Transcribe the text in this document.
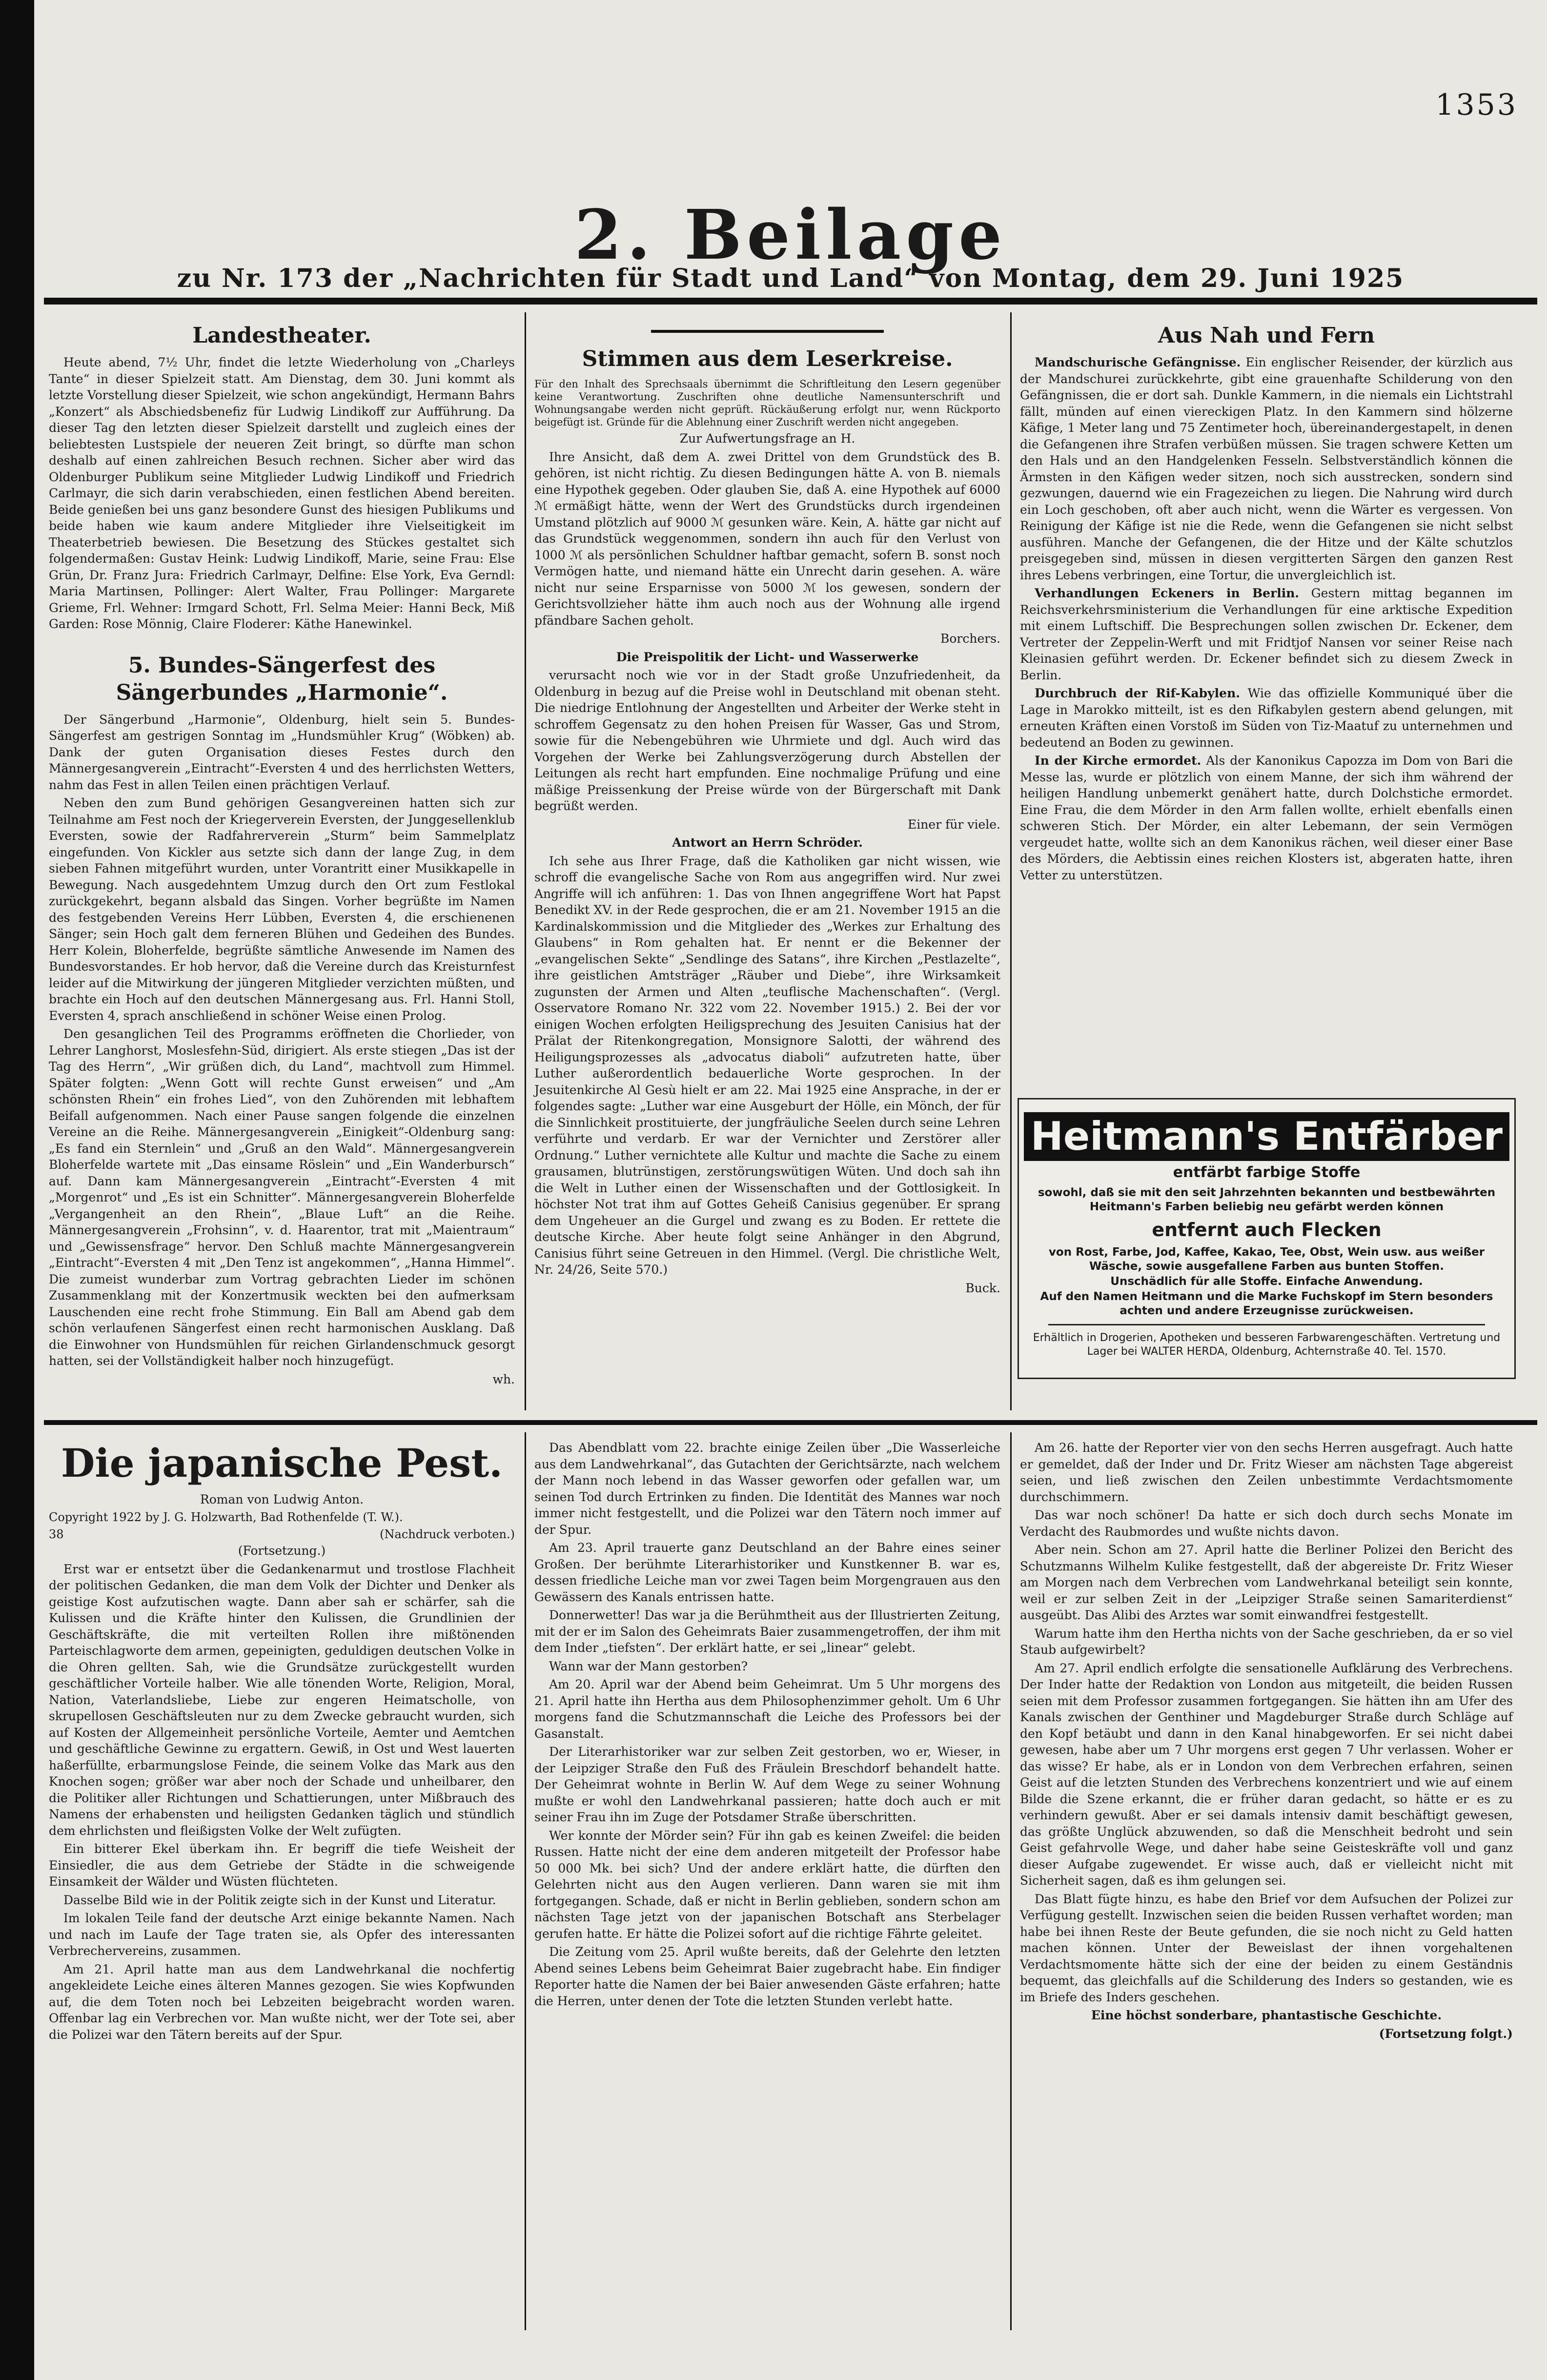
1353
2. Beilage
zu Nr. 173 der „Nachrichten für Stadt und Land“ von Montag, dem 29. Juni 1925
Landestheater.

Heute abend, 7½ Uhr, findet die letzte Wiederholung von „Charleys Tante“ in dieser Spielzeit statt. Am Dienstag, dem 30. Juni kommt als letzte Vorstellung dieser Spielzeit, wie schon angekündigt, Hermann Bahrs „Konzert“ als Abschiedsbenefiz für Ludwig Lindikoff zur Aufführung. Da dieser Tag den letzten dieser Spielzeit darstellt und zugleich eines der beliebtesten Lustspiele der neueren Zeit bringt, so dürfte man schon deshalb auf einen zahlreichen Besuch rechnen. Sicher aber wird das Oldenburger Publikum seine Mitglieder Ludwig Lindikoff und Friedrich Carlmayr, die sich darin verabschieden, einen festlichen Abend bereiten. Beide genießen bei uns ganz besondere Gunst des hiesigen Publikums und beide haben wie kaum andere Mitglieder ihre Vielseitigkeit im Theaterbetrieb bewiesen. Die Besetzung des Stückes gestaltet sich folgendermaßen: Gustav Heink: Ludwig Lindikoff, Marie, seine Frau: Else Grün, Dr. Franz Jura: Friedrich Carlmayr, Delfine: Else York, Eva Gerndl: Maria Martinsen, Pollinger: Alert Walter, Frau Pollinger: Margarete Grieme, Frl. Wehner: Irmgard Schott, Frl. Selma Meier: Hanni Beck, Miß Garden: Rose Mönnig, Claire Floderer: Käthe Hanewinkel.

5. Bundes-Sängerfest des Sängerbundes „Harmonie“.

Der Sängerbund „Harmonie“, Oldenburg, hielt sein 5. Bundes-Sängerfest am gestrigen Sonntag im „Hundsmühler Krug“ (Wöbken) ab. Dank der guten Organisation dieses Festes durch den Männergesangverein „Eintracht“-Eversten 4 und des herrlichsten Wetters, nahm das Fest in allen Teilen einen prächtigen Verlauf.

Neben den zum Bund gehörigen Gesangvereinen hatten sich zur Teilnahme am Fest noch der Kriegerverein Eversten, der Junggesellenklub Eversten, sowie der Radfahrerverein „Sturm“ beim Sammelplatz eingefunden. Von Kickler aus setzte sich dann der lange Zug, in dem sieben Fahnen mitgeführt wurden, unter Vorantritt einer Musikkapelle in Bewegung. Nach ausgedehntem Umzug durch den Ort zum Festlokal zurückgekehrt, begann alsbald das Singen. Vorher begrüßte im Namen des festgebenden Vereins Herr Lübben, Eversten 4, die erschienenen Sänger; sein Hoch galt dem ferneren Blühen und Gedeihen des Bundes. Herr Kolein, Bloherfelde, begrüßte sämtliche Anwesende im Namen des Bundesvorstandes. Er hob hervor, daß die Vereine durch das Kreisturnfest leider auf die Mitwirkung der jüngeren Mitglieder verzichten müßten, und brachte ein Hoch auf den deutschen Männergesang aus. Frl. Hanni Stoll, Eversten 4, sprach anschließend in schöner Weise einen Prolog.

Den gesanglichen Teil des Programms eröffneten die Chorlieder, von Lehrer Langhorst, Moslesfehn-Süd, dirigiert. Als erste stiegen „Das ist der Tag des Herrn“, „Wir grüßen dich, du Land“, machtvoll zum Himmel. Später folgten: „Wenn Gott will rechte Gunst erweisen“ und „Am schönsten Rhein“ ein frohes Lied“, von den Zuhörenden mit lebhaftem Beifall aufgenommen. Nach einer Pause sangen folgende die einzelnen Vereine an die Reihe. Männergesangverein „Einigkeit“-Oldenburg sang: „Es fand ein Sternlein“ und „Gruß an den Wald“. Männergesangverein Bloherfelde wartete mit „Das einsame Röslein“ und „Ein Wanderbursch“ auf. Dann kam Männergesangverein „Eintracht“-Eversten 4 mit „Morgenrot“ und „Es ist ein Schnitter“. Männergesangverein Bloherfelde „Vergangenheit an den Rhein“, „Blaue Luft“ an die Reihe. Männergesangverein „Frohsinn“, v. d. Haarentor, trat mit „Maientraum“ und „Gewissensfrage“ hervor. Den Schluß machte Männergesangverein „Eintracht“-Eversten 4 mit „Den Tenz ist angekommen“, „Hanna Himmel“. Die zumeist wunderbar zum Vortrag gebrachten Lieder im schönen Zusammenklang mit der Konzertmusik weckten bei den aufmerksam Lauschenden eine recht frohe Stimmung. Ein Ball am Abend gab dem schön verlaufenen Sängerfest einen recht harmonischen Ausklang. Daß die Einwohner von Hundsmühlen für reichen Girlandenschmuck gesorgt hatten, sei der Vollständigkeit halber noch hinzugefügt.

wh.

Stimmen aus dem Leserkreise.

Für den Inhalt des Sprechsaals übernimmt die Schriftleitung den Lesern gegenüber keine Verantwortung. Zuschriften ohne deutliche Namensunterschrift und Wohnungsangabe werden nicht geprüft. Rückäußerung erfolgt nur, wenn Rückporto beigefügt ist. Gründe für die Ablehnung einer Zuschrift werden nicht angegeben.

Zur Aufwertungsfrage an H.

Ihre Ansicht, daß dem A. zwei Drittel von dem Grundstück des B. gehören, ist nicht richtig. Zu diesen Bedingungen hätte A. von B. niemals eine Hypothek gegeben. Oder glauben Sie, daß A. eine Hypothek auf 6000 ℳ ermäßigt hätte, wenn der Wert des Grundstücks durch irgendeinen Umstand plötzlich auf 9000 ℳ gesunken wäre. Kein, A. hätte gar nicht auf das Grundstück weggenommen, sondern ihn auch für den Verlust von 1000 ℳ als persönlichen Schuldner haftbar gemacht, sofern B. sonst noch Vermögen hatte, und niemand hätte ein Unrecht darin gesehen. A. wäre nicht nur seine Ersparnisse von 5000 ℳ los gewesen, sondern der Gerichtsvollzieher hätte ihm auch noch aus der Wohnung alle irgend pfändbare Sachen geholt.

Borchers.

Die Preispolitik der Licht- und Wasserwerke

verursacht noch wie vor in der Stadt große Unzufriedenheit, da Oldenburg in bezug auf die Preise wohl in Deutschland mit obenan steht. Die niedrige Entlohnung der Angestellten und Arbeiter der Werke steht in schroffem Gegensatz zu den hohen Preisen für Wasser, Gas und Strom, sowie für die Nebengebühren wie Uhrmiete und dgl. Auch wird das Vorgehen der Werke bei Zahlungsverzögerung durch Abstellen der Leitungen als recht hart empfunden. Eine nochmalige Prüfung und eine mäßige Preissenkung der Preise würde von der Bürgerschaft mit Dank begrüßt werden.

Einer für viele.

Antwort an Herrn Schröder.

Ich sehe aus Ihrer Frage, daß die Katholiken gar nicht wissen, wie schroff die evangelische Sache von Rom aus angegriffen wird. Nur zwei Angriffe will ich anführen: 1. Das von Ihnen angegriffene Wort hat Papst Benedikt XV. in der Rede gesprochen, die er am 21. November 1915 an die Kardinalskommission und die Mitglieder des „Werkes zur Erhaltung des Glaubens“ in Rom gehalten hat. Er nennt er die Bekenner der „evangelischen Sekte“ „Sendlinge des Satans“, ihre Kirchen „Pestlazelte“, ihre geistlichen Amtsträger „Räuber und Diebe“, ihre Wirksamkeit zugunsten der Armen und Alten „teuflische Machenschaften“. (Vergl. Osservatore Romano Nr. 322 vom 22. November 1915.) 2. Bei der vor einigen Wochen erfolgten Heiligsprechung des Jesuiten Canisius hat der Prälat der Ritenkongregation, Monsignore Salotti, der während des Heiligungsprozesses als „advocatus diaboli“ aufzutreten hatte, über Luther außerordentlich bedauerliche Worte gesprochen. In der Jesuitenkirche Al Gesù hielt er am 22. Mai 1925 eine Ansprache, in der er folgendes sagte: „Luther war eine Ausgeburt der Hölle, ein Mönch, der für die Sinnlichkeit prostituierte, der jungfräuliche Seelen durch seine Lehren verführte und verdarb. Er war der Vernichter und Zerstörer aller Ordnung.“ Luther vernichtete alle Kultur und machte die Sache zu einem grausamen, blutrünstigen, zerstörungswütigen Wüten. Und doch sah ihn die Welt in Luther einen der Wissenschaften und der Gottlosigkeit. In höchster Not trat ihm auf Gottes Geheiß Canisius gegenüber. Er sprang dem Ungeheuer an die Gurgel und zwang es zu Boden. Er rettete die deutsche Kirche. Aber heute folgt seine Anhänger in den Abgrund, Canisius führt seine Getreuen in den Himmel. (Vergl. Die christliche Welt, Nr. 24/26, Seite 570.)

Buck.

Aus Nah und Fern

Mandschurische Gefängnisse. Ein englischer Reisender, der kürzlich aus der Mandschurei zurückkehrte, gibt eine grauenhafte Schilderung von den Gefängnissen, die er dort sah. Dunkle Kammern, in die niemals ein Lichtstrahl fällt, münden auf einen viereckigen Platz. In den Kammern sind hölzerne Käfige, 1 Meter lang und 75 Zentimeter hoch, übereinandergestapelt, in denen die Gefangenen ihre Strafen verbüßen müssen. Sie tragen schwere Ketten um den Hals und an den Handgelenken Fesseln. Selbstverständlich können die Ärmsten in den Käfigen weder sitzen, noch sich ausstrecken, sondern sind gezwungen, dauernd wie ein Fragezeichen zu liegen. Die Nahrung wird durch ein Loch geschoben, oft aber auch nicht, wenn die Wärter es vergessen. Von Reinigung der Käfige ist nie die Rede, wenn die Gefangenen sie nicht selbst ausführen. Manche der Gefangenen, die der Hitze und der Kälte schutzlos preisgegeben sind, müssen in diesen vergitterten Särgen den ganzen Rest ihres Lebens verbringen, eine Tortur, die unvergleichlich ist.

Verhandlungen Eckeners in Berlin. Gestern mittag begannen im Reichsverkehrsministerium die Verhandlungen für eine arktische Expedition mit einem Luftschiff. Die Besprechungen sollen zwischen Dr. Eckener, dem Vertreter der Zeppelin-Werft und mit Fridtjof Nansen vor seiner Reise nach Kleinasien geführt werden. Dr. Eckener befindet sich zu diesem Zweck in Berlin.

Durchbruch der Rif-Kabylen. Wie das offizielle Kommuniqué über die Lage in Marokko mitteilt, ist es den Rifkabylen gestern abend gelungen, mit erneuten Kräften einen Vorstoß im Süden von Tiz-Maatuf zu unternehmen und bedeutend an Boden zu gewinnen.

In der Kirche ermordet. Als der Kanonikus Capozza im Dom von Bari die Messe las, wurde er plötzlich von einem Manne, der sich ihm während der heiligen Handlung unbemerkt genähert hatte, durch Dolchstiche ermordet. Eine Frau, die dem Mörder in den Arm fallen wollte, erhielt ebenfalls einen schweren Stich. Der Mörder, ein alter Lebemann, der sein Vermögen vergeudet hatte, wollte sich an dem Kanonikus rächen, weil dieser einer Base des Mörders, die Aebtissin eines reichen Klosters ist, abgeraten hatte, ihren Vetter zu unterstützen.

Heitmann's Entfärber
entfärbt farbige Stoffe
sowohl, daß sie mit den seit Jahrzehnten bekannten und bestbewährten Heitmann's Farben beliebig neu gefärbt werden können
entfernt auch Flecken
von Rost, Farbe, Jod, Kaffee, Kakao, Tee, Obst, Wein usw. aus weißer Wäsche, sowie ausgefallene Farben aus bunten Stoffen.
Unschädlich für alle Stoffe. Einfache Anwendung.
Auf den Namen Heitmann und die Marke Fuchskopf im Stern besonders achten und andere Erzeugnisse zurückweisen.
Erhältlich in Drogerien, Apotheken und besseren Farbwarengeschäften. Vertretung und Lager bei WALTER HERDA, Oldenburg, Achternstraße 40. Tel. 1570.
Die japanische Pest.

Roman von Ludwig Anton.

Copyright 1922 by J. G. Holzwarth, Bad Rothenfelde (T. W.).

38	(Nachdruck verboten.)

(Fortsetzung.)

Erst war er entsetzt über die Gedankenarmut und trostlose Flachheit der politischen Gedanken, die man dem Volk der Dichter und Denker als geistige Kost aufzutischen wagte. Dann aber sah er schärfer, sah die Kulissen und die Kräfte hinter den Kulissen, die Grundlinien der Geschäftskräfte, die mit verteilten Rollen ihre mißtönenden Parteischlagworte dem armen, gepeinigten, geduldigen deutschen Volke in die Ohren gellten. Sah, wie die Grundsätze zurückgestellt wurden geschäftlicher Vorteile halber. Wie alle tönenden Worte, Religion, Moral, Nation, Vaterlandsliebe, Liebe zur engeren Heimatscholle, von skrupellosen Geschäftsleuten nur zu dem Zwecke gebraucht wurden, sich auf Kosten der Allgemeinheit persönliche Vorteile, Aemter und Aemtchen und geschäftliche Gewinne zu ergattern. Gewiß, in Ost und West lauerten haßerfüllte, erbarmungslose Feinde, die seinem Volke das Mark aus den Knochen sogen; größer war aber noch der Schade und unheilbarer, den die Politiker aller Richtungen und Schattierungen, unter Mißbrauch des Namens der erhabensten und heiligsten Gedanken täglich und stündlich dem ehrlichsten und fleißigsten Volke der Welt zufügten.

Ein bitterer Ekel überkam ihn. Er begriff die tiefe Weisheit der Einsiedler, die aus dem Getriebe der Städte in die schweigende Einsamkeit der Wälder und Wüsten flüchteten.

Dasselbe Bild wie in der Politik zeigte sich in der Kunst und Literatur.

Im lokalen Teile fand der deutsche Arzt einige bekannte Namen. Nach und nach im Laufe der Tage traten sie, als Opfer des interessanten Verbrechervereins, zusammen.

Am 21. April hatte man aus dem Landwehrkanal die nochfertig angekleidete Leiche eines älteren Mannes gezogen. Sie wies Kopfwunden auf, die dem Toten noch bei Lebzeiten beigebracht worden waren. Offenbar lag ein Verbrechen vor. Man wußte nicht, wer der Tote sei, aber die Polizei war den Tätern bereits auf der Spur.

Das Abendblatt vom 22. brachte einige Zeilen über „Die Wasserleiche aus dem Landwehrkanal“, das Gutachten der Gerichtsärzte, nach welchem der Mann noch lebend in das Wasser geworfen oder gefallen war, um seinen Tod durch Ertrinken zu finden. Die Identität des Mannes war noch immer nicht festgestellt, und die Polizei war den Tätern noch immer auf der Spur.

Am 23. April trauerte ganz Deutschland an der Bahre eines seiner Großen. Der berühmte Literarhistoriker und Kunstkenner B. war es, dessen friedliche Leiche man vor zwei Tagen beim Morgengrauen aus den Gewässern des Kanals entrissen hatte.

Donnerwetter! Das war ja die Berühmtheit aus der Illustrierten Zeitung, mit der er im Salon des Geheimrats Baier zusammengetroffen, der ihm mit dem Inder „tiefsten“. Der erklärt hatte, er sei „linear“ gelebt.

Wann war der Mann gestorben?

Am 20. April war der Abend beim Geheimrat. Um 5 Uhr morgens des 21. April hatte ihn Hertha aus dem Philosophenzimmer geholt. Um 6 Uhr morgens fand die Schutzmannschaft die Leiche des Professors bei der Gasanstalt.

Der Literarhistoriker war zur selben Zeit gestorben, wo er, Wieser, in der Leipziger Straße den Fuß des Fräulein Breschdorf behandelt hatte. Der Geheimrat wohnte in Berlin W. Auf dem Wege zu seiner Wohnung mußte er wohl den Landwehrkanal passieren; hatte doch auch er mit seiner Frau ihn im Zuge der Potsdamer Straße überschritten.

Wer konnte der Mörder sein? Für ihn gab es keinen Zweifel: die beiden Russen. Hatte nicht der eine dem anderen mitgeteilt der Professor habe 50 000 Mk. bei sich? Und der andere erklärt hatte, die dürften den Gelehrten nicht aus den Augen verlieren. Dann waren sie mit ihm fortgegangen. Schade, daß er nicht in Berlin geblieben, sondern schon am nächsten Tage jetzt von der japanischen Botschaft ans Sterbelager gerufen hatte. Er hätte die Polizei sofort auf die richtige Fährte geleitet.

Die Zeitung vom 25. April wußte bereits, daß der Gelehrte den letzten Abend seines Lebens beim Geheimrat Baier zugebracht habe. Ein findiger Reporter hatte die Namen der bei Baier anwesenden Gäste erfahren; hatte die Herren, unter denen der Tote die letzten Stunden verlebt hatte.

Am 26. hatte der Reporter vier von den sechs Herren ausgefragt. Auch hatte er gemeldet, daß der Inder und Dr. Fritz Wieser am nächsten Tage abgereist seien, und ließ zwischen den Zeilen unbestimmte Verdachtsmomente durchschimmern.

Das war noch schöner! Da hatte er sich doch durch sechs Monate im Verdacht des Raubmordes und wußte nichts davon.

Aber nein. Schon am 27. April hatte die Berliner Polizei den Bericht des Schutzmanns Wilhelm Kulike festgestellt, daß der abgereiste Dr. Fritz Wieser am Morgen nach dem Verbrechen vom Landwehrkanal beteiligt sein konnte, weil er zur selben Zeit in der „Leipziger Straße seinen Samariterdienst“ ausgeübt. Das Alibi des Arztes war somit einwandfrei festgestellt.

Warum hatte ihm den Hertha nichts von der Sache geschrieben, da er so viel Staub aufgewirbelt?

Am 27. April endlich erfolgte die sensationelle Aufklärung des Verbrechens. Der Inder hatte der Redaktion von London aus mitgeteilt, die beiden Russen seien mit dem Professor zusammen fortgegangen. Sie hätten ihn am Ufer des Kanals zwischen der Genthiner und Magdeburger Straße durch Schläge auf den Kopf betäubt und dann in den Kanal hinabgeworfen. Er sei nicht dabei gewesen, habe aber um 7 Uhr morgens erst gegen 7 Uhr verlassen. Woher er das wisse? Er habe, als er in London von dem Verbrechen erfahren, seinen Geist auf die letzten Stunden des Verbrechens konzentriert und wie auf einem Bilde die Szene erkannt, die er früher daran gedacht, so hätte er es zu verhindern gewußt. Aber er sei damals intensiv damit beschäftigt gewesen, das größte Unglück abzuwenden, so daß die Menschheit bedroht und sein Geist gefahrvolle Wege, und daher habe seine Geisteskräfte voll und ganz dieser Aufgabe zugewendet. Er wisse auch, daß er vielleicht nicht mit Sicherheit sagen, daß es ihm gelungen sei.

Das Blatt fügte hinzu, es habe den Brief vor dem Aufsuchen der Polizei zur Verfügung gestellt. Inzwischen seien die beiden Russen verhaftet worden; man habe bei ihnen Reste der Beute gefunden, die sie noch nicht zu Geld hatten machen können. Unter der Beweislast der ihnen vorgehaltenen Verdachtsmomente hätte sich der eine der beiden zu einem Geständnis bequemt, das gleichfalls auf die Schilderung des Inders so gestanden, wie es im Briefe des Inders geschehen.

Eine höchst sonderbare, phantastische Geschichte.

(Fortsetzung folgt.)
